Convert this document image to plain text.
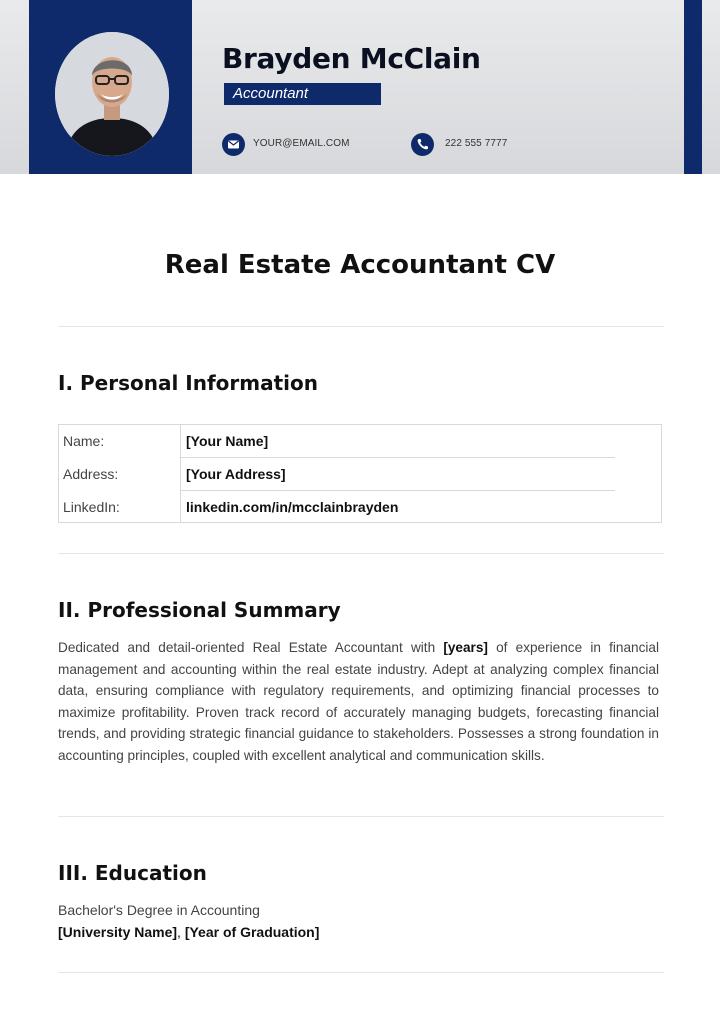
Brayden McClain
Accountant
YOUR@EMAIL.COM	222 555 7777
Real Estate Accountant CV
I. Personal Information
Name:	[Your Name]
Address:	[Your Address]
LinkedIn:	linkedin.com/in/mcclainbrayden
II. Professional Summary
Dedicated and detail-oriented Real Estate Accountant with [years] of experience in financial management and accounting within the real estate industry. Adept at analyzing complex financial data, ensuring compliance with regulatory requirements, and optimizing financial processes to maximize profitability. Proven track record of accurately managing budgets, forecasting financial trends, and providing strategic financial guidance to stakeholders. Possesses a strong foundation in accounting principles, coupled with excellent analytical and communication skills.
III. Education
Bachelor's Degree in Accounting
[University Name], [Year of Graduation]
